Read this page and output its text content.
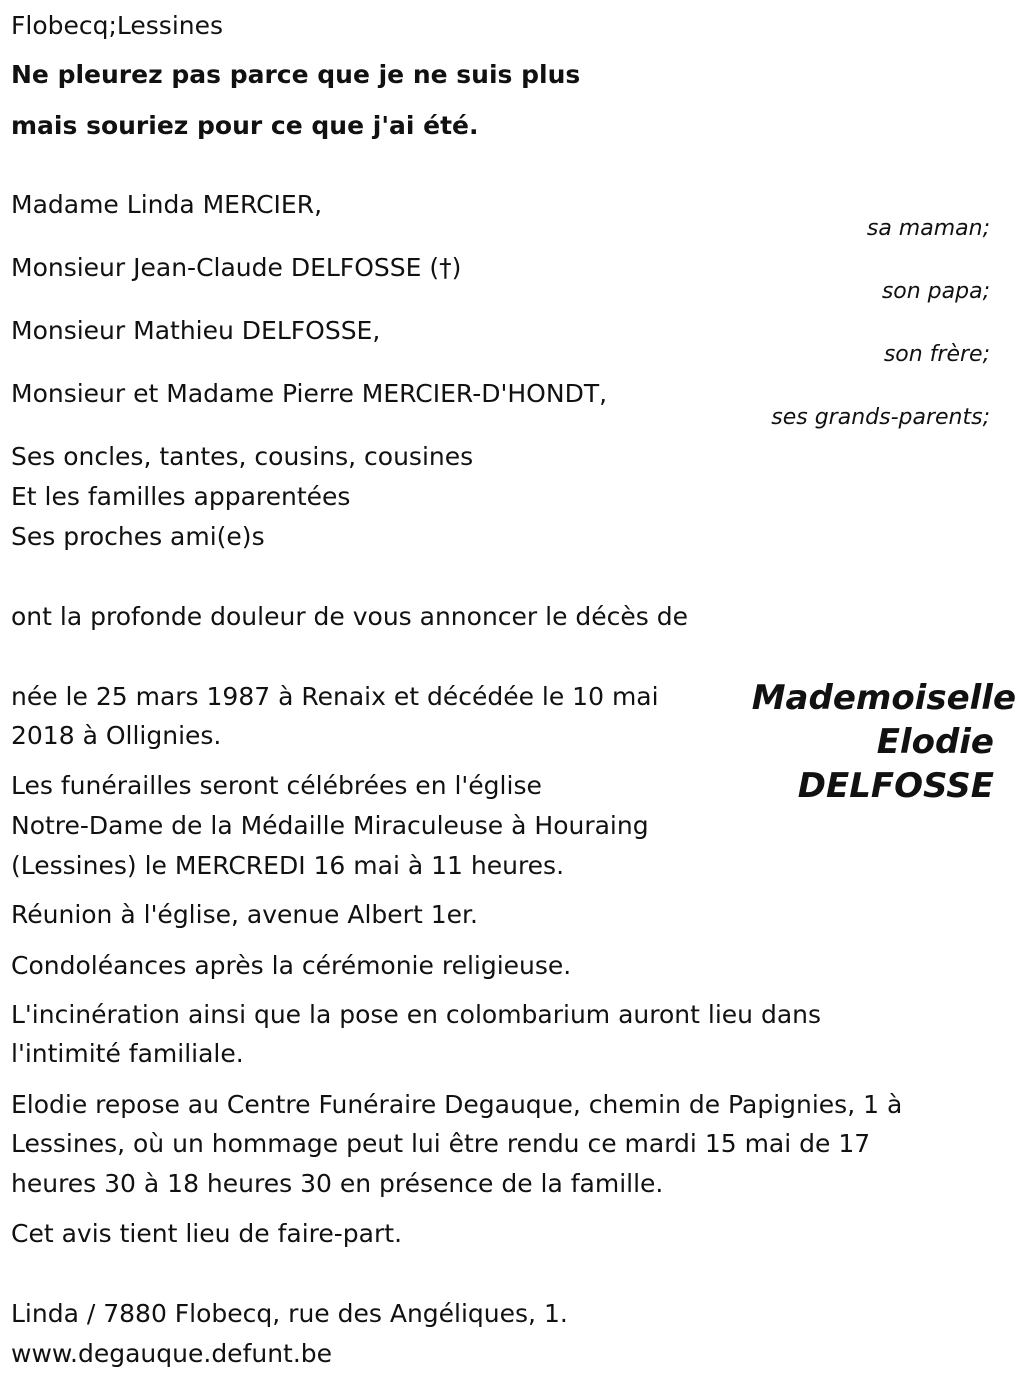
Flobecq;Lessines

Ne pleurez pas parce que je ne suis plus

mais souriez pour ce que j'ai été.

Madame Linda MERCIER,

sa maman;

Monsieur Jean-Claude DELFOSSE (†)

son papa;

Monsieur Mathieu DELFOSSE,

son frère;

Monsieur et Madame Pierre MERCIER-D'HONDT,

ses grands-parents;

Ses oncles, tantes, cousins, cousines

Et les familles apparentées

Ses proches ami(e)s

ont la profonde douleur de vous annoncer le décès de

Mademoiselle
Elodie
DELFOSSE

née le 25 mars 1987 à Renaix et décédée le 10 mai

2018 à Ollignies.

Les funérailles seront célébrées en l'église

Notre-Dame de la Médaille Miraculeuse à Houraing

(Lessines) le MERCREDI 16 mai à 11 heures.

Réunion à l'église, avenue Albert 1er.

Condoléances après la cérémonie religieuse.

L'incinération ainsi que la pose en colombarium auront lieu dans

l'intimité familiale.

Elodie repose au Centre Funéraire Degauque, chemin de Papignies, 1 à

Lessines, où un hommage peut lui être rendu ce mardi 15 mai de 17

heures 30 à 18 heures 30 en présence de la famille.

Cet avis tient lieu de faire-part.

Linda / 7880 Flobecq, rue des Angéliques, 1.

www.degauque.defunt.be
